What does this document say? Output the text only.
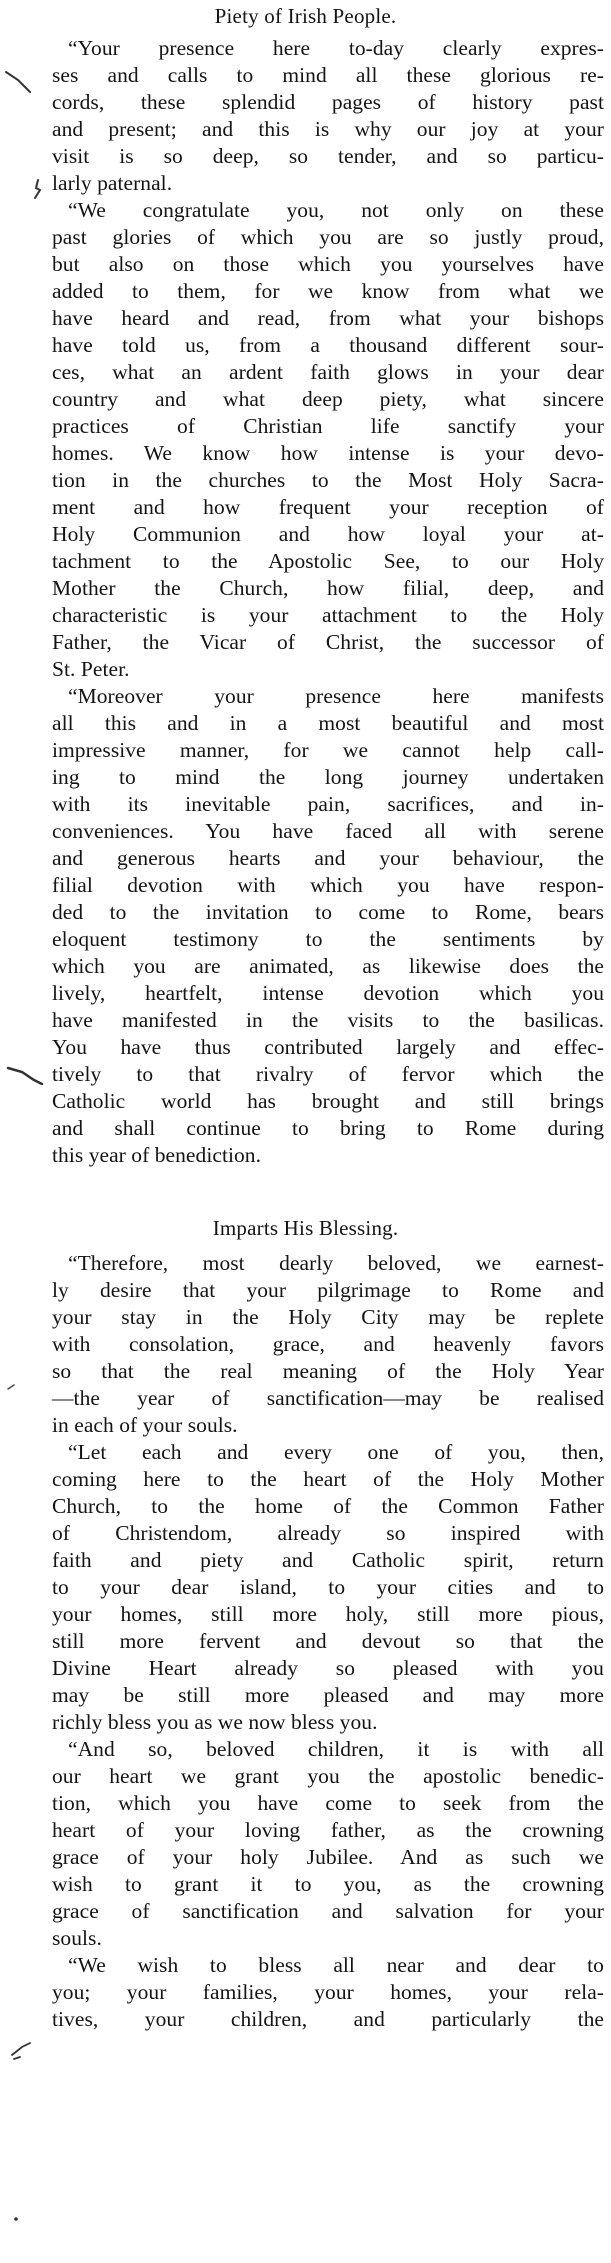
Piety of Irish People.
“Your presence here to-day clearly expres-
ses and calls to mind all these glorious re-
cords, these splendid pages of history past
and present; and this is why our joy at your
visit is so deep, so tender, and so particu-
larly paternal.
“We congratulate you, not only on these
past glories of which you are so justly proud,
but also on those which you yourselves have
added to them, for we know from what we
have heard and read, from what your bishops
have told us, from a thousand different sour-
ces, what an ardent faith glows in your dear
country and what deep piety, what sincere
practices of Christian life sanctify your
homes. We know how intense is your devo-
tion in the churches to the Most Holy Sacra-
ment and how frequent your reception of
Holy Communion and how loyal your at-
tachment to the Apostolic See, to our Holy
Mother the Church, how filial, deep, and
characteristic is your attachment to the Holy
Father, the Vicar of Christ, the successor of
St. Peter.
“Moreover your presence here manifests
all this and in a most beautiful and most
impressive manner, for we cannot help call-
ing to mind the long journey undertaken
with its inevitable pain, sacrifices, and in-
conveniences. You have faced all with serene
and generous hearts and your behaviour, the
filial devotion with which you have respon-
ded to the invitation to come to Rome, bears
eloquent testimony to the sentiments by
which you are animated, as likewise does the
lively, heartfelt, intense devotion which you
have manifested in the visits to the basilicas.
You have thus contributed largely and effec-
tively to that rivalry of fervor which the
Catholic world has brought and still brings
and shall continue to bring to Rome during
this year of benediction.
Imparts His Blessing.
“Therefore, most dearly beloved, we earnest-
ly desire that your pilgrimage to Rome and
your stay in the Holy City may be replete
with consolation, grace, and heavenly favors
so that the real meaning of the Holy Year
—the year of sanctification—may be realised
in each of your souls.
“Let each and every one of you, then,
coming here to the heart of the Holy Mother
Church, to the home of the Common Father
of Christendom, already so inspired with
faith and piety and Catholic spirit, return
to your dear island, to your cities and to
your homes, still more holy, still more pious,
still more fervent and devout so that the
Divine Heart already so pleased with you
may be still more pleased and may more
richly bless you as we now bless you.
“And so, beloved children, it is with all
our heart we grant you the apostolic benedic-
tion, which you have come to seek from the
heart of your loving father, as the crowning
grace of your holy Jubilee. And as such we
wish to grant it to you, as the crowning
grace of sanctification and salvation for your
souls.
“We wish to bless all near and dear to
you; your families, your homes, your rela-
tives, your children, and particularly the
